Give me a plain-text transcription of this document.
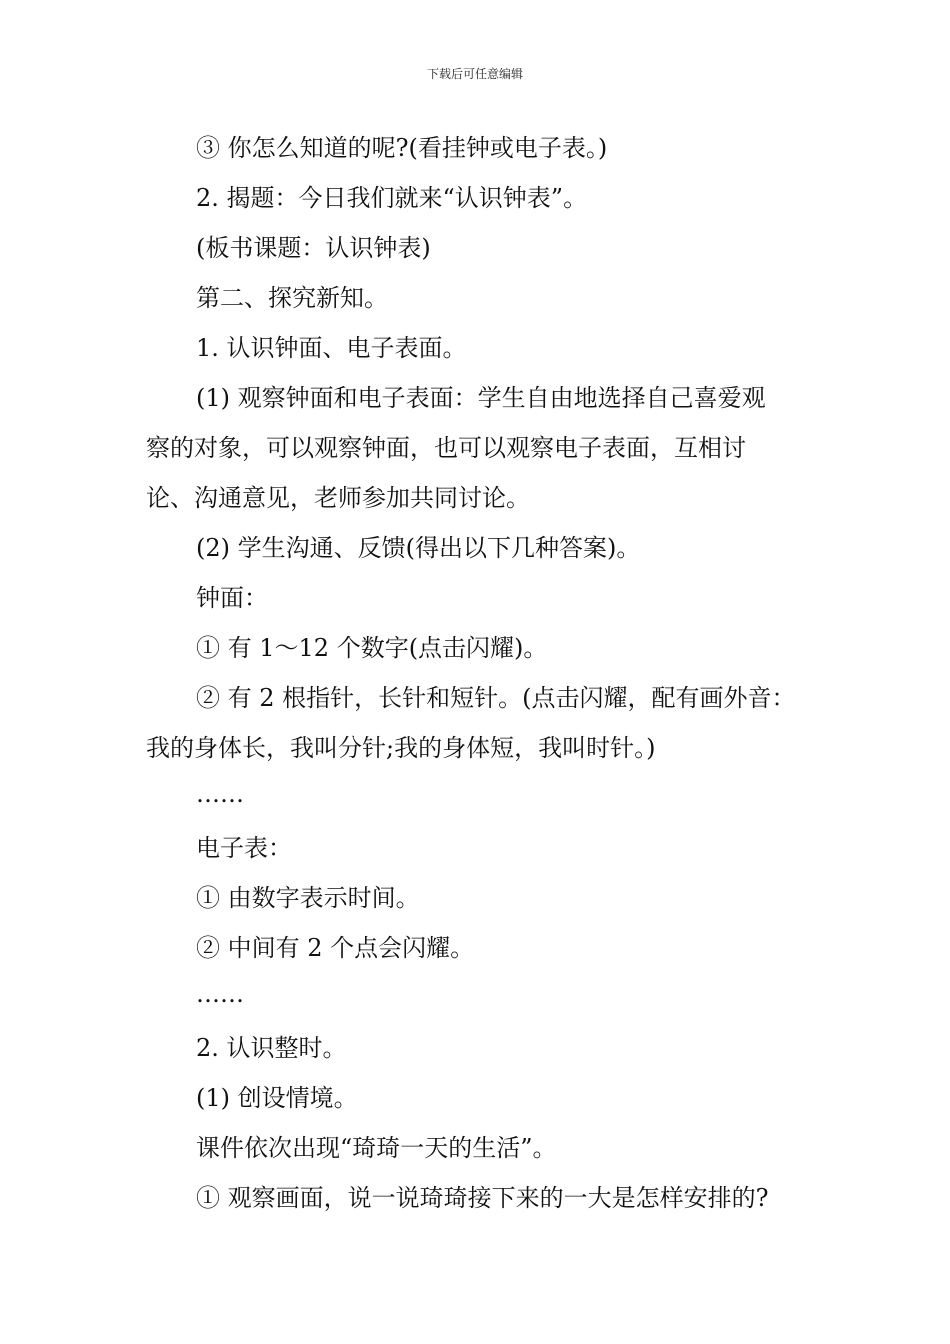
下载后可任意编辑
③ 你怎么知道的呢?(看挂钟或电子表。)
2. 揭题：今日我们就来“认识钟表”。
(板书课题：认识钟表)
第二、探究新知。
1. 认识钟面、电子表面。
(1) 观察钟面和电子表面：学生自由地选择自己喜爱观
察的对象，可以观察钟面，也可以观察电子表面，互相讨
论、沟通意见，老师参加共同讨论。
(2) 学生沟通、反馈(得出以下几种答案)。
钟面：
① 有 1～12 个数字(点击闪耀)。
② 有 2 根指针，长针和短针。(点击闪耀，配有画外音：
我的身体长，我叫分针;我的身体短，我叫时针。)
……
电子表：
① 由数字表示时间。
② 中间有 2 个点会闪耀。
……
2. 认识整时。
(1) 创设情境。
课件依次出现“琦琦一天的生活”。
① 观察画面，说一说琦琦接下来的一大是怎样安排的?
